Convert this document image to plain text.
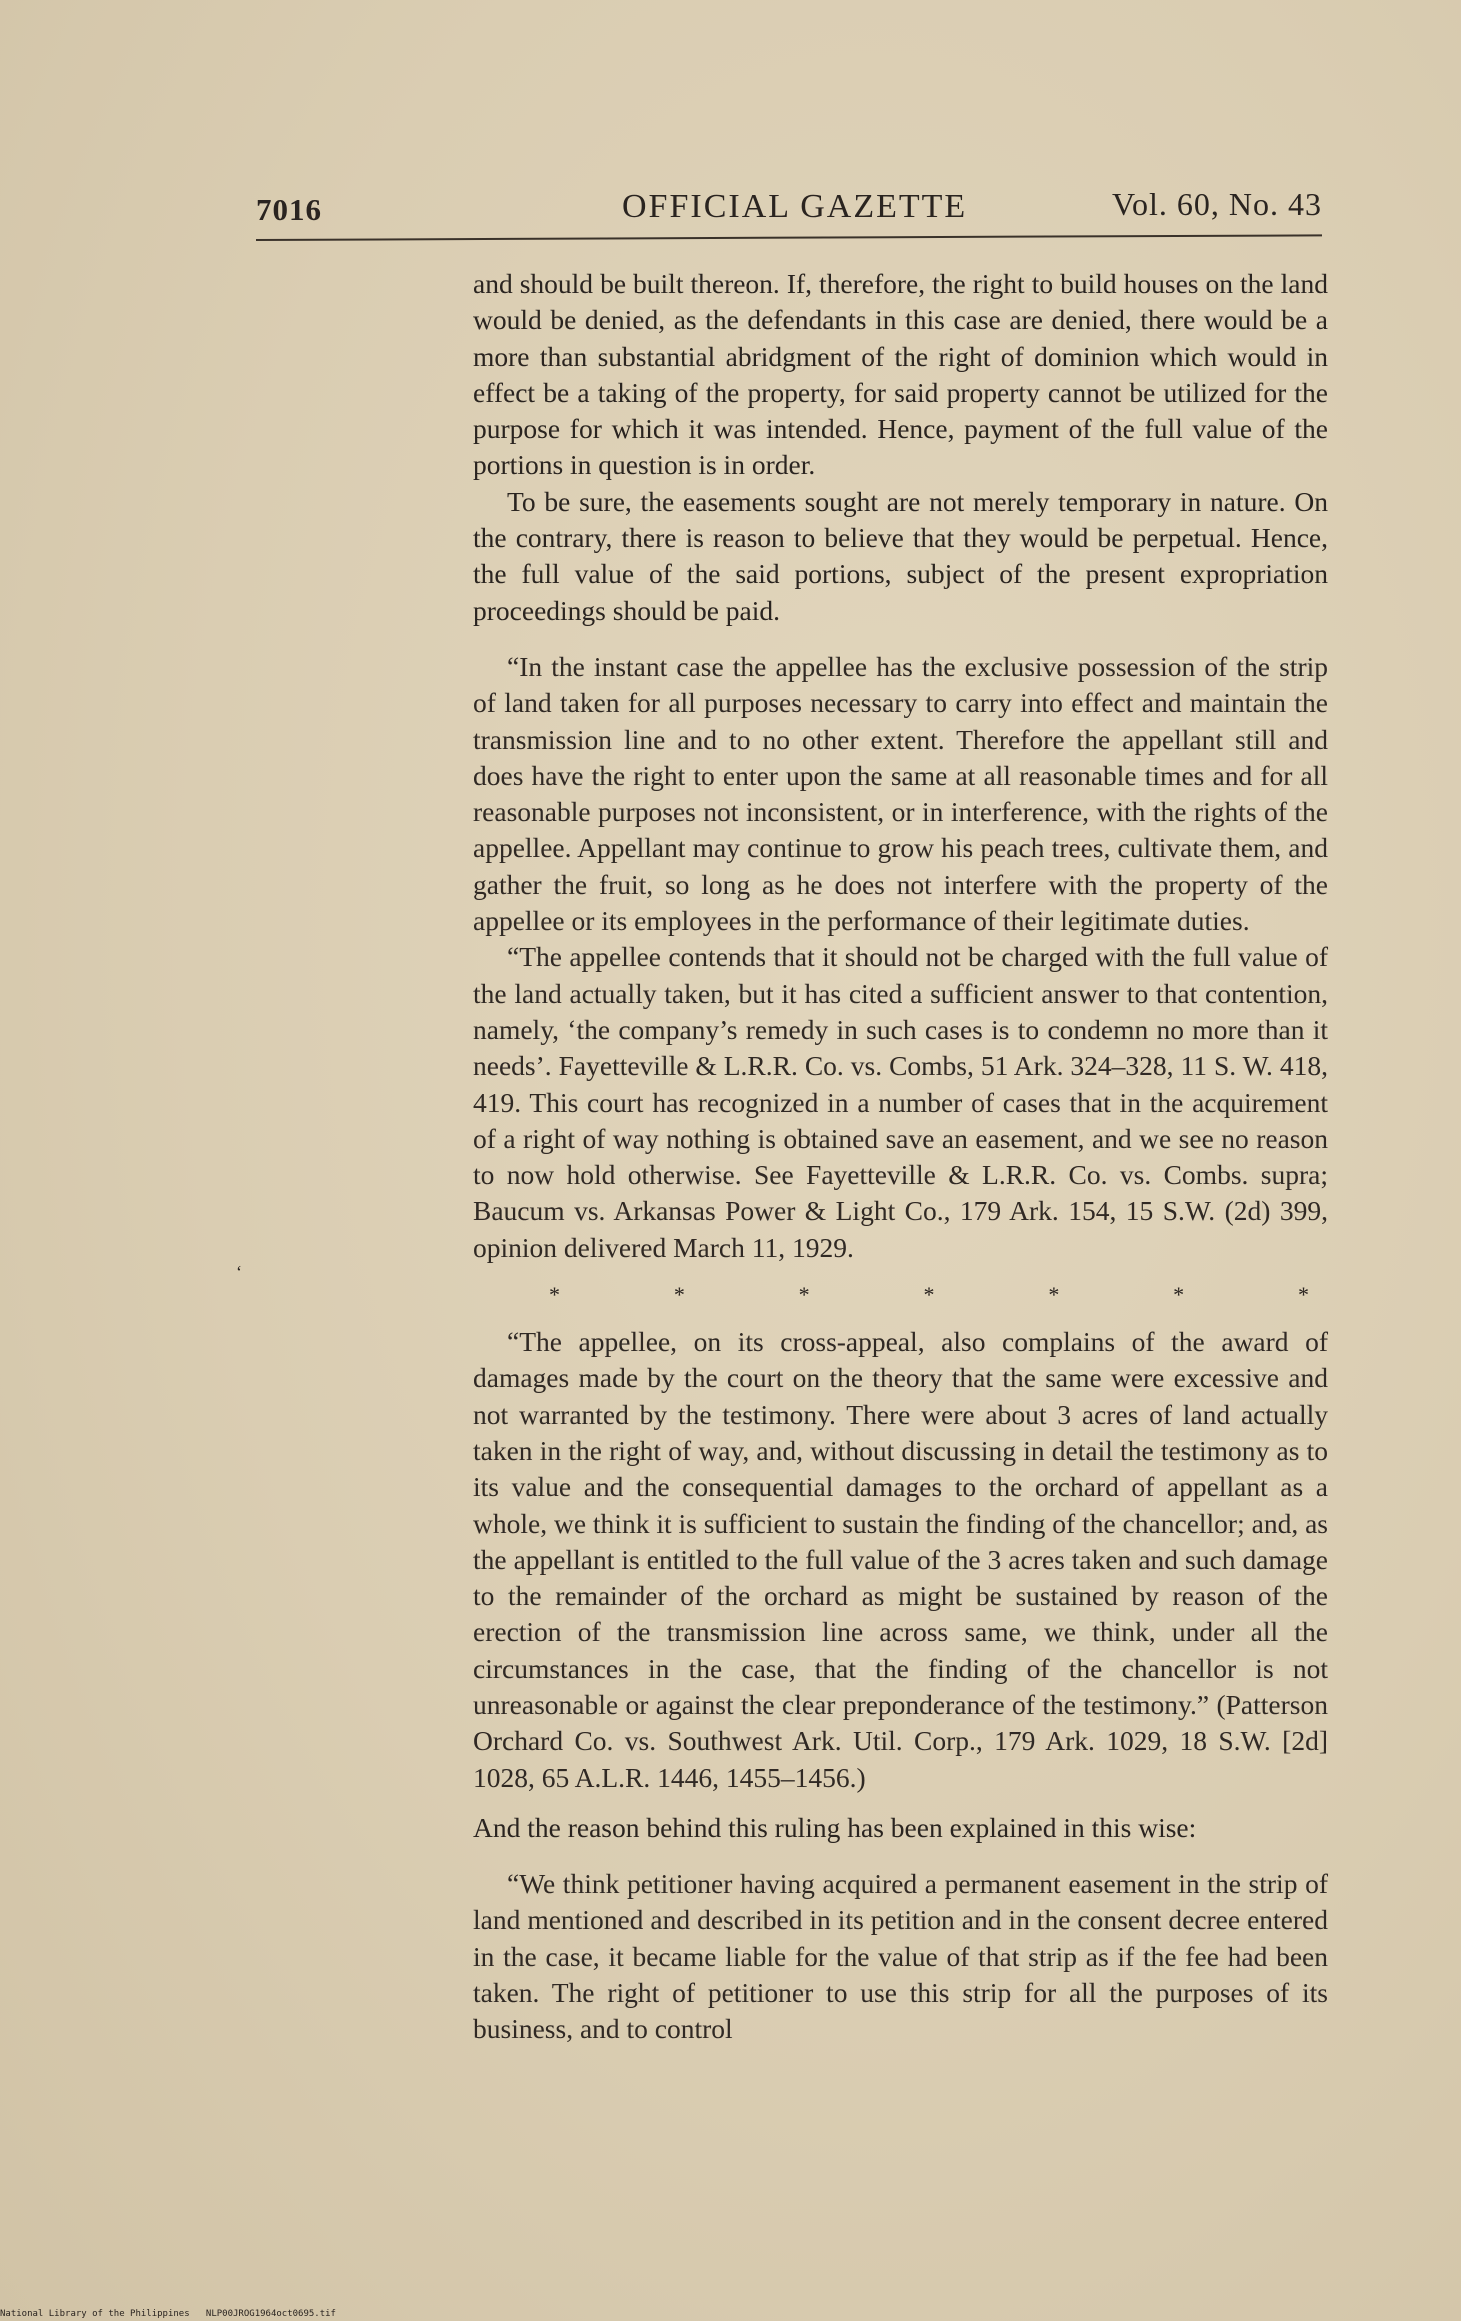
7016	OFFICIAL GAZETTE	Vol. 60, No. 43
‘

and should be built thereon. If, therefore, the right to build houses on the land would be denied, as the defendants in this case are denied, there would be a more than substantial abridgment of the right of dominion which would in effect be a taking of the property, for said property cannot be utilized for the purpose for which it was intended. Hence, payment of the full value of the portions in question is in order.

To be sure, the easements sought are not merely temporary in nature. On the contrary, there is reason to believe that they would be perpetual. Hence, the full value of the said portions, subject of the present expropriation proceedings should be paid.

“In the instant case the appellee has the exclusive possession of the strip of land taken for all purposes necessary to carry into effect and maintain the transmission line and to no other extent. Therefore the appellant still and does have the right to enter upon the same at all reasonable times and for all reasonable purposes not inconsistent, or in interference, with the rights of the appellee. Appellant may continue to grow his peach trees, cultivate them, and gather the fruit, so long as he does not interfere with the property of the appellee or its employees in the performance of their legitimate duties.

“The appellee contends that it should not be charged with the full value of the land actually taken, but it has cited a sufficient answer to that contention, namely, ‘the company’s remedy in such cases is to condemn no more than it needs’. Fayetteville & L.R.R. Co. vs. Combs, 51 Ark. 324–328, 11 S. W. 418, 419. This court has recognized in a number of cases that in the acquirement of a right of way nothing is obtained save an easement, and we see no reason to now hold otherwise. See Fayetteville & L.R.R. Co. vs. Combs. supra; Baucum vs. Arkansas Power & Light Co., 179 Ark. 154, 15 S.W. (2d) 399, opinion delivered March 11, 1929.

*	*	*	*	*	*	*

“The appellee, on its cross-appeal, also complains of the award of damages made by the court on the theory that the same were excessive and not warranted by the testimony. There were about 3 acres of land actually taken in the right of way, and, without discussing in detail the testimony as to its value and the consequential damages to the orchard of appellant as a whole, we think it is sufficient to sustain the finding of the chancellor; and, as the appellant is entitled to the full value of the 3 acres taken and such damage to the remainder of the orchard as might be sustained by reason of the erection of the transmission line across same, we think, under all the circumstances in the case, that the finding of the chancellor is not unreasonable or against the clear preponderance of the testimony.” (Patterson Orchard Co. vs. Southwest Ark. Util. Corp., 179 Ark. 1029, 18 S.W. [2d] 1028, 65 A.L.R. 1446, 1455–1456.)

And the reason behind this ruling has been explained in this wise:

“We think petitioner having acquired a permanent easement in the strip of land mentioned and described in its petition and in the consent decree entered in the case, it became liable for the value of that strip as if the fee had been taken. The right of petitioner to use this strip for all the purposes of its business, and to control

National Library of the Philippines NLP00JROG1964oct0695.tif
